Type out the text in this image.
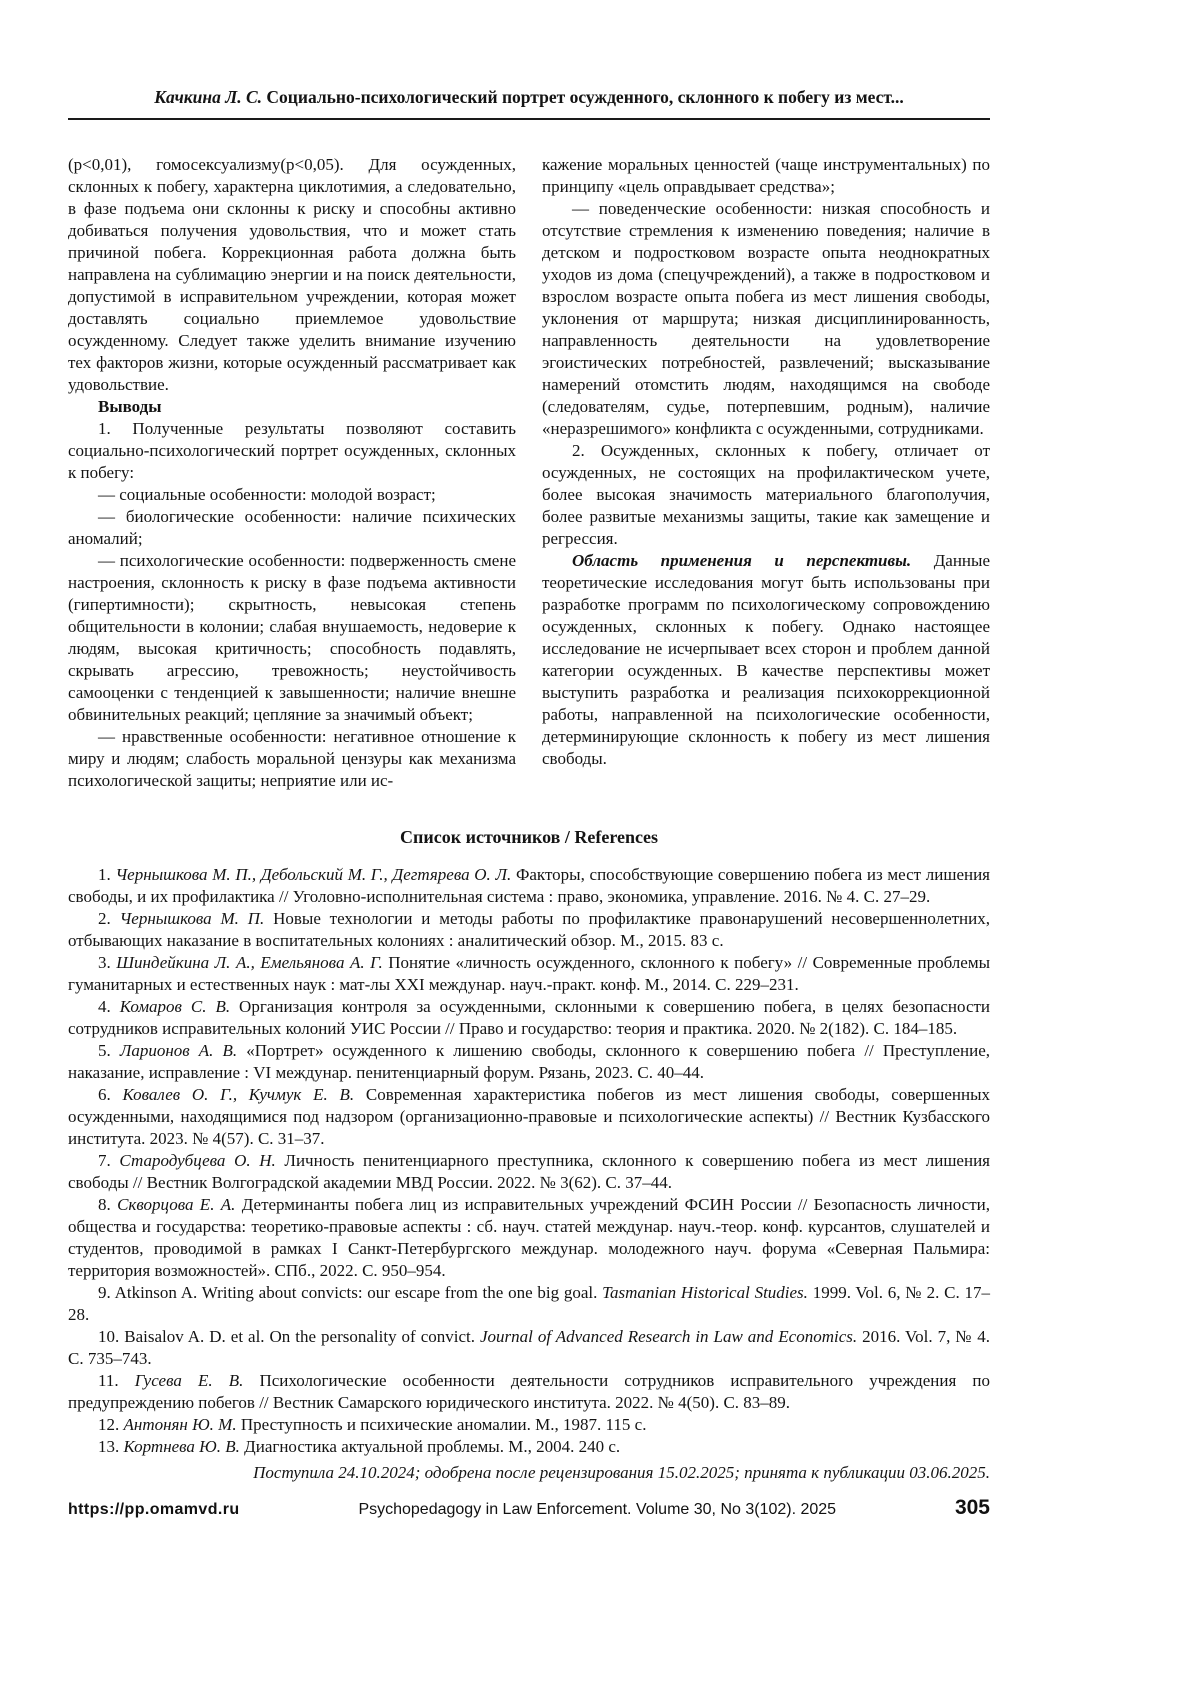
Качкина Л. С. Социально-психологический портрет осужденного, склонного к побегу из мест...

(p<0,01), гомосексуализму(p<0,05). Для осужденных, склонных к побегу, характерна циклотимия, а следовательно, в фазе подъема они склонны к риску и способны активно добиваться получения удовольствия, что и может стать причиной побега. Коррекционная работа должна быть направлена на сублимацию энергии и на поиск деятельности, допустимой в исправительном учреждении, которая может доставлять социально приемлемое удовольствие осужденному. Следует также уделить внимание изучению тех факторов жизни, которые осужденный рассматривает как удовольствие.

Выводы

1. Полученные результаты позволяют составить социально-психологический портрет осужденных, склонных к побегу:

— социальные особенности: молодой возраст;

— биологические особенности: наличие психических аномалий;

— психологические особенности: подверженность смене настроения, склонность к риску в фазе подъема активности (гипертимности); скрытность, невысокая степень общительности в колонии; слабая внушаемость, недоверие к людям, высокая критичность; способность подавлять, скрывать агрессию, тревожность; неустойчивость самооценки с тенденцией к завышенности; наличие внешне обвинительных реакций; цепляние за значимый объект;

— нравственные особенности: негативное отношение к миру и людям; слабость моральной цензуры как механизма психологической защиты; неприятие или ис-

кажение моральных ценностей (чаще инструментальных) по принципу «цель оправдывает средства»;

— поведенческие особенности: низкая способность и отсутствие стремления к изменению поведения; наличие в детском и подростковом возрасте опыта неоднократных уходов из дома (спецучреждений), а также в подростковом и взрослом возрасте опыта побега из мест лишения свободы, уклонения от маршрута; низкая дисциплинированность, направленность деятельности на удовлетворение эгоистических потребностей, развлечений; высказывание намерений отомстить людям, находящимся на свободе (следователям, судье, потерпевшим, родным), наличие «неразрешимого» конфликта с осужденными, сотрудниками.

2. Осужденных, склонных к побегу, отличает от осужденных, не состоящих на профилактическом учете, более высокая значимость материального благополучия, более развитые механизмы защиты, такие как замещение и регрессия.

Область применения и перспективы. Данные теоретические исследования могут быть использованы при разработке программ по психологическому сопровождению осужденных, склонных к побегу. Однако настоящее исследование не исчерпывает всех сторон и проблем данной категории осужденных. В качестве перспективы может выступить разработка и реализация психокоррекционной работы, направленной на психологические особенности, детерминирующие склонность к побегу из мест лишения свободы.

Список источников / References

1. Чернышкова М. П., Дебольский М. Г., Дегтярева О. Л. Факторы, способствующие совершению побега из мест лишения свободы, и их профилактика // Уголовно-исполнительная система : право, экономика, управление. 2016. № 4. С. 27–29.

2. Чернышкова М. П. Новые технологии и методы работы по профилактике правонарушений несовершеннолетних, отбывающих наказание в воспитательных колониях : аналитический обзор. М., 2015. 83 с.

3. Шиндейкина Л. А., Емельянова А. Г. Понятие «личность осужденного, склонного к побегу» // Современные проблемы гуманитарных и естественных наук : мат-лы XXI междунар. науч.-практ. конф. М., 2014. С. 229–231.

4. Комаров С. В. Организация контроля за осужденными, склонными к совершению побега, в целях безопасности сотрудников исправительных колоний УИС России // Право и государство: теория и практика. 2020. № 2(182). С. 184–185.

5. Ларионов А. В. «Портрет» осужденного к лишению свободы, склонного к совершению побега // Преступление, наказание, исправление : VI междунар. пенитенциарный форум. Рязань, 2023. С. 40–44.

6. Ковалев О. Г., Кучмук Е. В. Современная характеристика побегов из мест лишения свободы, совершенных осужденными, находящимися под надзором (организационно-правовые и психологические аспекты) // Вестник Кузбасского института. 2023. № 4(57). С. 31–37.

7. Стародубцева О. Н. Личность пенитенциарного преступника, склонного к совершению побега из мест лишения свободы // Вестник Волгоградской академии МВД России. 2022. № 3(62). С. 37–44.

8. Скворцова Е. А. Детерминанты побега лиц из исправительных учреждений ФСИН России // Безопасность личности, общества и государства: теоретико-правовые аспекты : сб. науч. статей междунар. науч.-теор. конф. курсантов, слушателей и студентов, проводимой в рамках I Санкт-Петербургского междунар. молодежного науч. форума «Северная Пальмира: территория возможностей». СПб., 2022. С. 950–954.

9. Atkinson A. Writing about convicts: our escape from the one big goal. Tasmanian Historical Studies. 1999. Vol. 6, № 2. С. 17–28.

10. Baisalov A. D. et al. On the personality of convict. Journal of Advanced Research in Law and Economics. 2016. Vol. 7, № 4. С. 735–743.

11. Гусева Е. В. Психологические особенности деятельности сотрудников исправительного учреждения по предупреждению побегов // Вестник Самарского юридического института. 2022. № 4(50). С. 83–89.

12. Антонян Ю. М. Преступность и психические аномалии. М., 1987. 115 с.

13. Кортнева Ю. В. Диагностика актуальной проблемы. М., 2004. 240 с.

Поступила 24.10.2024; одобрена после рецензирования 15.02.2025; принята к публикации 03.06.2025.
https://pp.omamvd.ru	Psychopedagogy in Law Enforcement. Volume 30, No 3(102). 2025	305
